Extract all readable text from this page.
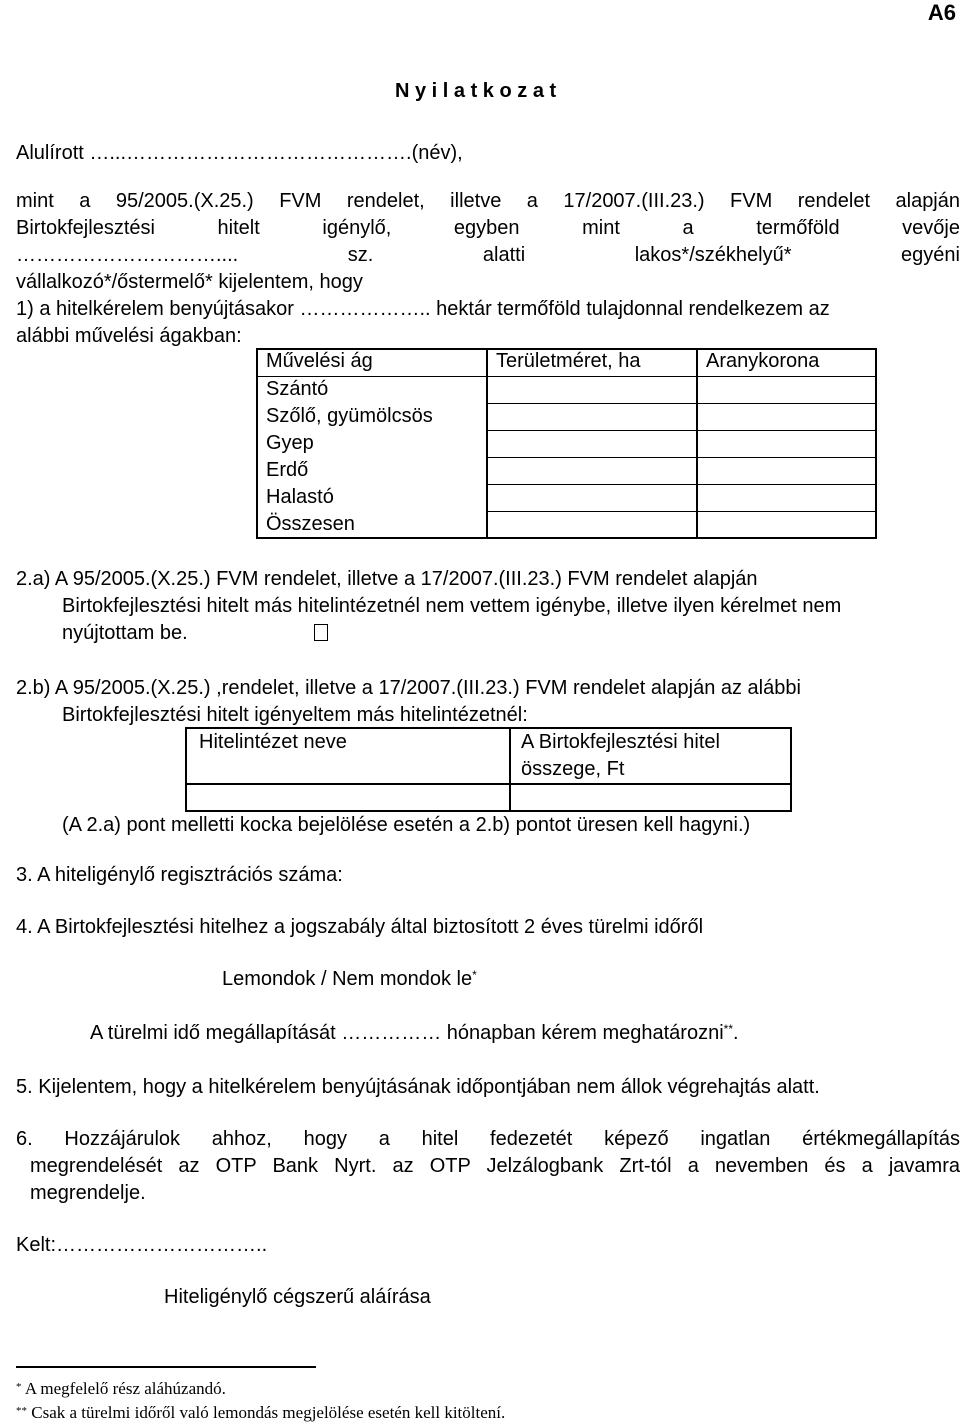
A6
N y i l a t k o z a t
Alulírott …...…………………………………….(név),
mint a 95/2005.(X.25.) FVM rendelet, illetve a 17/2007.(III.23.) FVM rendelet alapján
Birtokfejlesztési hitelt igénylő, egyben mint a termőföld vevője
………………………….... sz. alatti lakos*/székhelyű* egyéni
vállalkozó*/őstermelő* kijelentem, hogy
1) a hitelkérelem benyújtásakor ……………….. hektár termőföld tulajdonnal rendelkezem az
alábbi művelési ágakban:
Művelési ág	Területméret, ha	Aranykorona
Szántó		
Szőlő, gyümölcsös		
Gyep		
Erdő		
Halastó		
Összesen		
2.a) A 95/2005.(X.25.) FVM rendelet, illetve a 17/2007.(III.23.) FVM rendelet alapján
Birtokfejlesztési hitelt más hitelintézetnél nem vettem igénybe, illetve ilyen kérelmet nem
nyújtottam be.
2.b) A 95/2005.(X.25.) ,rendelet, illetve a 17/2007.(III.23.) FVM rendelet alapján az alábbi
Birtokfejlesztési hitelt igényeltem más hitelintézetnél:
Hitelintézet neve	A Birtokfejlesztési hitel
összege, Ft

(A 2.a) pont melletti kocka bejelölése esetén a 2.b) pontot üresen kell hagyni.)
3. A hiteligénylő regisztrációs száma:
4. A Birtokfejlesztési hitelhez a jogszabály által biztosított 2 éves türelmi időről
Lemondok / Nem mondok le*
A türelmi idő megállapítását …………… hónapban kérem meghatározni**.
5. Kijelentem, hogy a hitelkérelem benyújtásának időpontjában nem állok végrehajtás alatt.
6. Hozzájárulok ahhoz, hogy a hitel fedezetét képező ingatlan értékmegállapítás
megrendelését az OTP Bank Nyrt. az OTP Jelzálogbank Zrt-tól a nevemben és a javamra
megrendelje.
Kelt:…………………………..
Hiteligénylő cégszerű aláírása
* A megfelelő rész aláhúzandó.
** Csak a türelmi időről való lemondás megjelölése esetén kell kitöltení.
